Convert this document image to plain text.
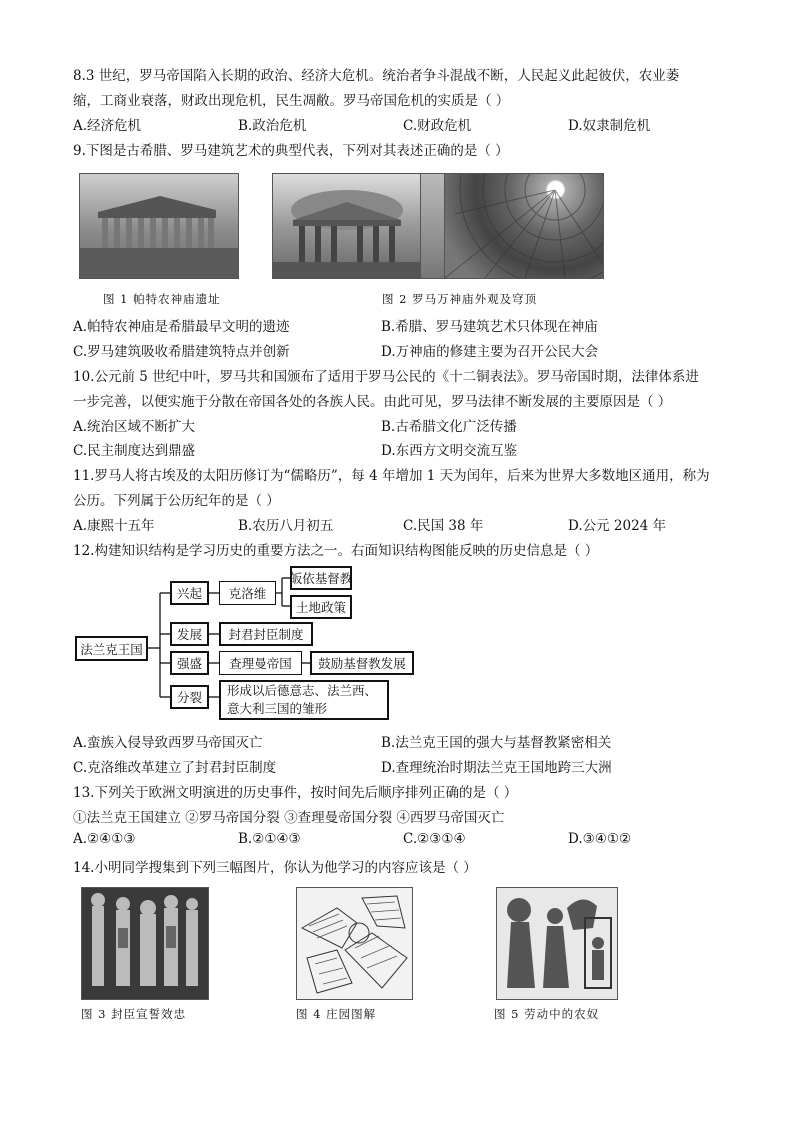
8.3 世纪，罗马帝国陷入长期的政治、经济大危机。统治者争斗混战不断，人民起义此起彼伏，农业萎
缩，工商业衰落，财政出现危机，民生凋敝。罗马帝国危机的实质是（ ）
A.经济危机	B.政治危机	C.财政危机	D.奴隶制危机
9.下图是古希腊、罗马建筑艺术的典型代表，下列对其表述正确的是（ ）
图 1 帕特农神庙遗址	图 2 罗马万神庙外观及穹顶
A.帕特农神庙是希腊最早文明的遗迹	B.希腊、罗马建筑艺术只体现在神庙
C.罗马建筑吸收希腊建筑特点并创新	D.万神庙的修建主要为召开公民大会
10.公元前 5 世纪中叶，罗马共和国颁布了适用于罗马公民的《十二铜表法》。罗马帝国时期，法律体系进
一步完善，以便实施于分散在帝国各处的各族人民。由此可见，罗马法律不断发展的主要原因是（ ）
A.统治区域不断扩大	B.古希腊文化广泛传播
C.民主制度达到鼎盛	D.东西方文明交流互鉴
11.罗马人将古埃及的太阳历修订为“儒略历”，每 4 年增加 1 天为闰年，后来为世界大多数地区通用，称为
公历。下列属于公历纪年的是（ ）
A.康熙十五年	B.农历八月初五	C.民国 38 年	D.公元 2024 年
12.构建知识结构是学习历史的重要方法之一。右面知识结构图能反映的历史信息是（ ）
法兰克王国
兴起	克洛维
皈依基督教
土地政策
发展	封君封臣制度
强盛	查理曼帝国	鼓励基督教发展
分裂	形成以后德意志、法兰西、意大利三国的雏形
A.蛮族入侵导致西罗马帝国灭亡	B.法兰克王国的强大与基督教紧密相关
C.克洛维改革建立了封君封臣制度	D.查理统治时期法兰克王国地跨三大洲
13.下列关于欧洲文明演进的历史事件，按时间先后顺序排列正确的是（ ）
①法兰克王国建立 ②罗马帝国分裂 ③查理曼帝国分裂 ④西罗马帝国灭亡
A.②④①③	B.②①④③	C.②③①④	D.③④①②
14.小明同学搜集到下列三幅图片，你认为他学习的内容应该是（ ）
图 3 封臣宣誓效忠	图 4 庄园图解	图 5 劳动中的农奴
